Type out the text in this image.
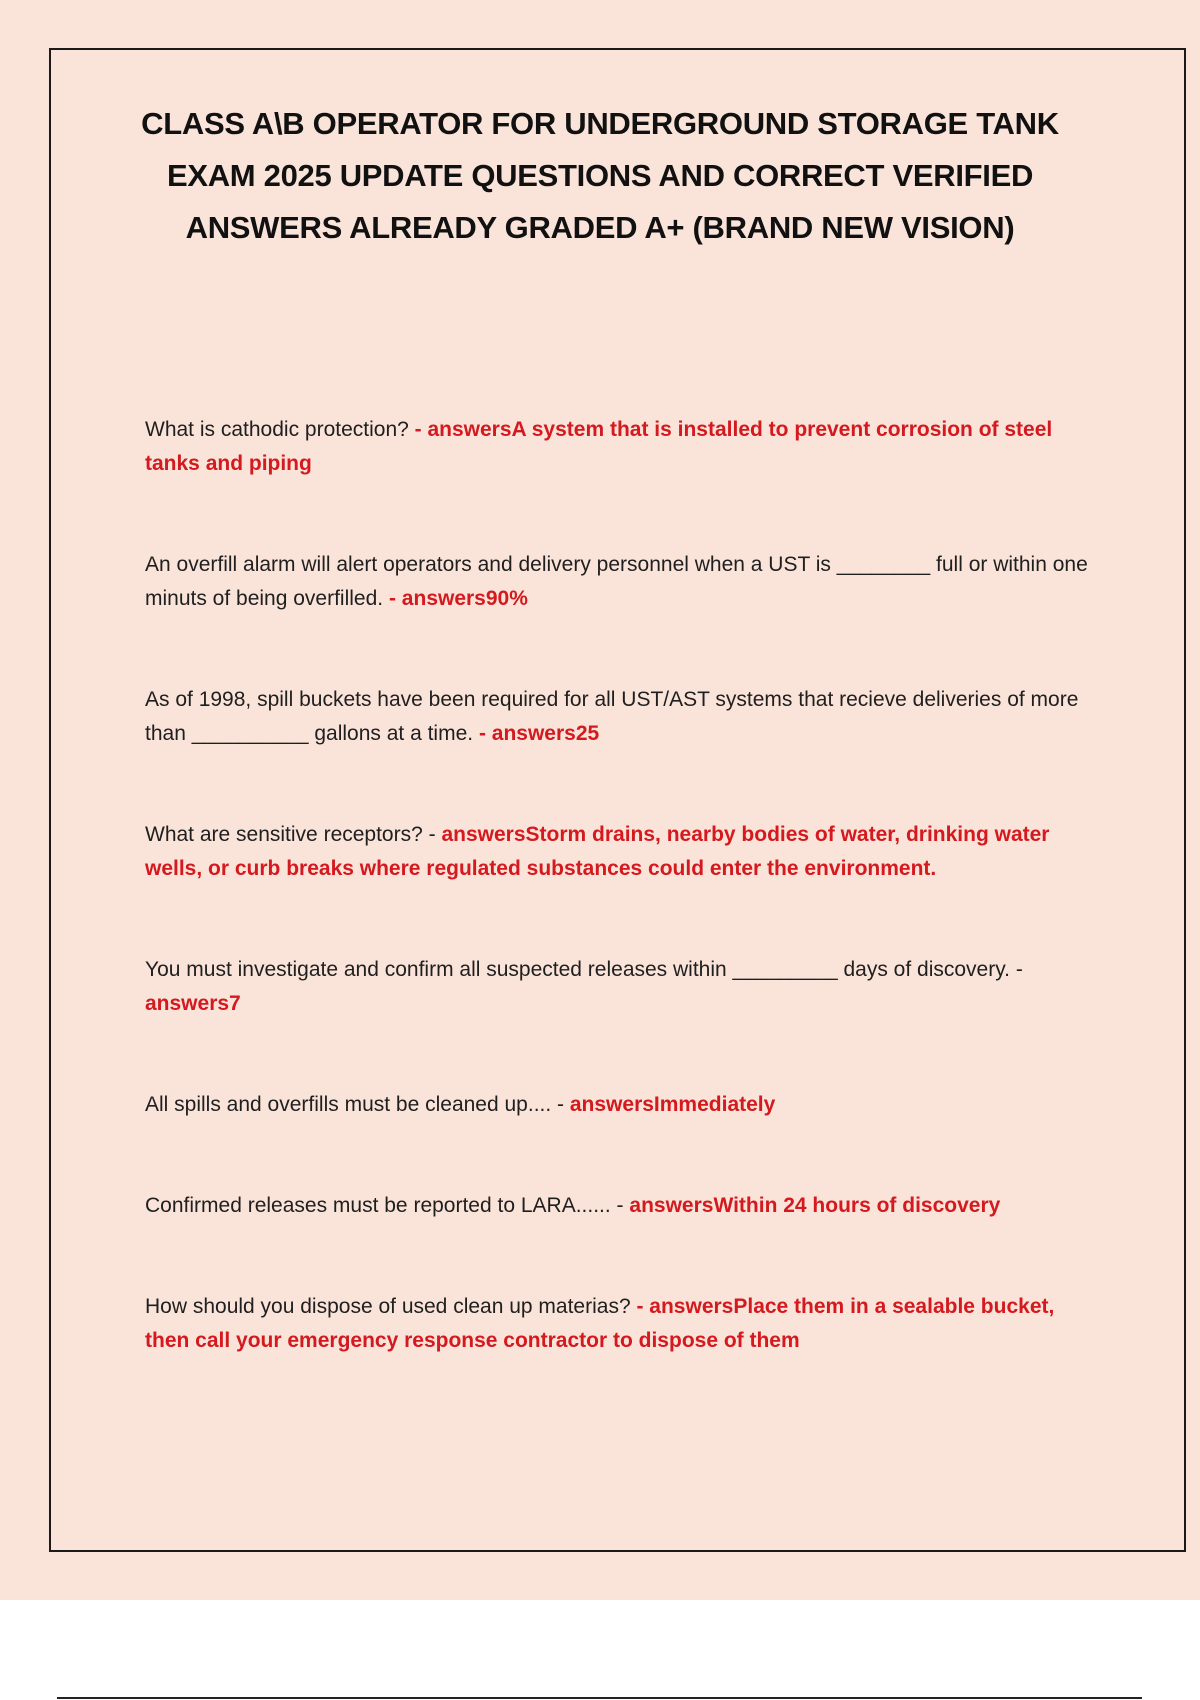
CLASS A\B OPERATOR FOR UNDERGROUND STORAGE TANK
EXAM 2025 UPDATE QUESTIONS AND CORRECT VERIFIED
ANSWERS ALREADY GRADED A+ (BRAND NEW VISION)

What is cathodic protection? - answersA system that is installed to prevent corrosion of steel tanks and piping

An overfill alarm will alert operators and delivery personnel when a UST is ________ full or within one minuts of being overfilled. - answers90%

As of 1998, spill buckets have been required for all UST/AST systems that recieve deliveries of more than __________ gallons at a time. - answers25

What are sensitive receptors? - answersStorm drains, nearby bodies of water, drinking water wells, or curb breaks where regulated substances could enter the environment.

You must investigate and confirm all suspected releases within _________ days of discovery. - answers7

All spills and overfills must be cleaned up.... - answersImmediately

Confirmed releases must be reported to LARA...... - answersWithin 24 hours of discovery

How should you dispose of used clean up materias? - answersPlace them in a sealable bucket, then call your emergency response contractor to dispose of them
